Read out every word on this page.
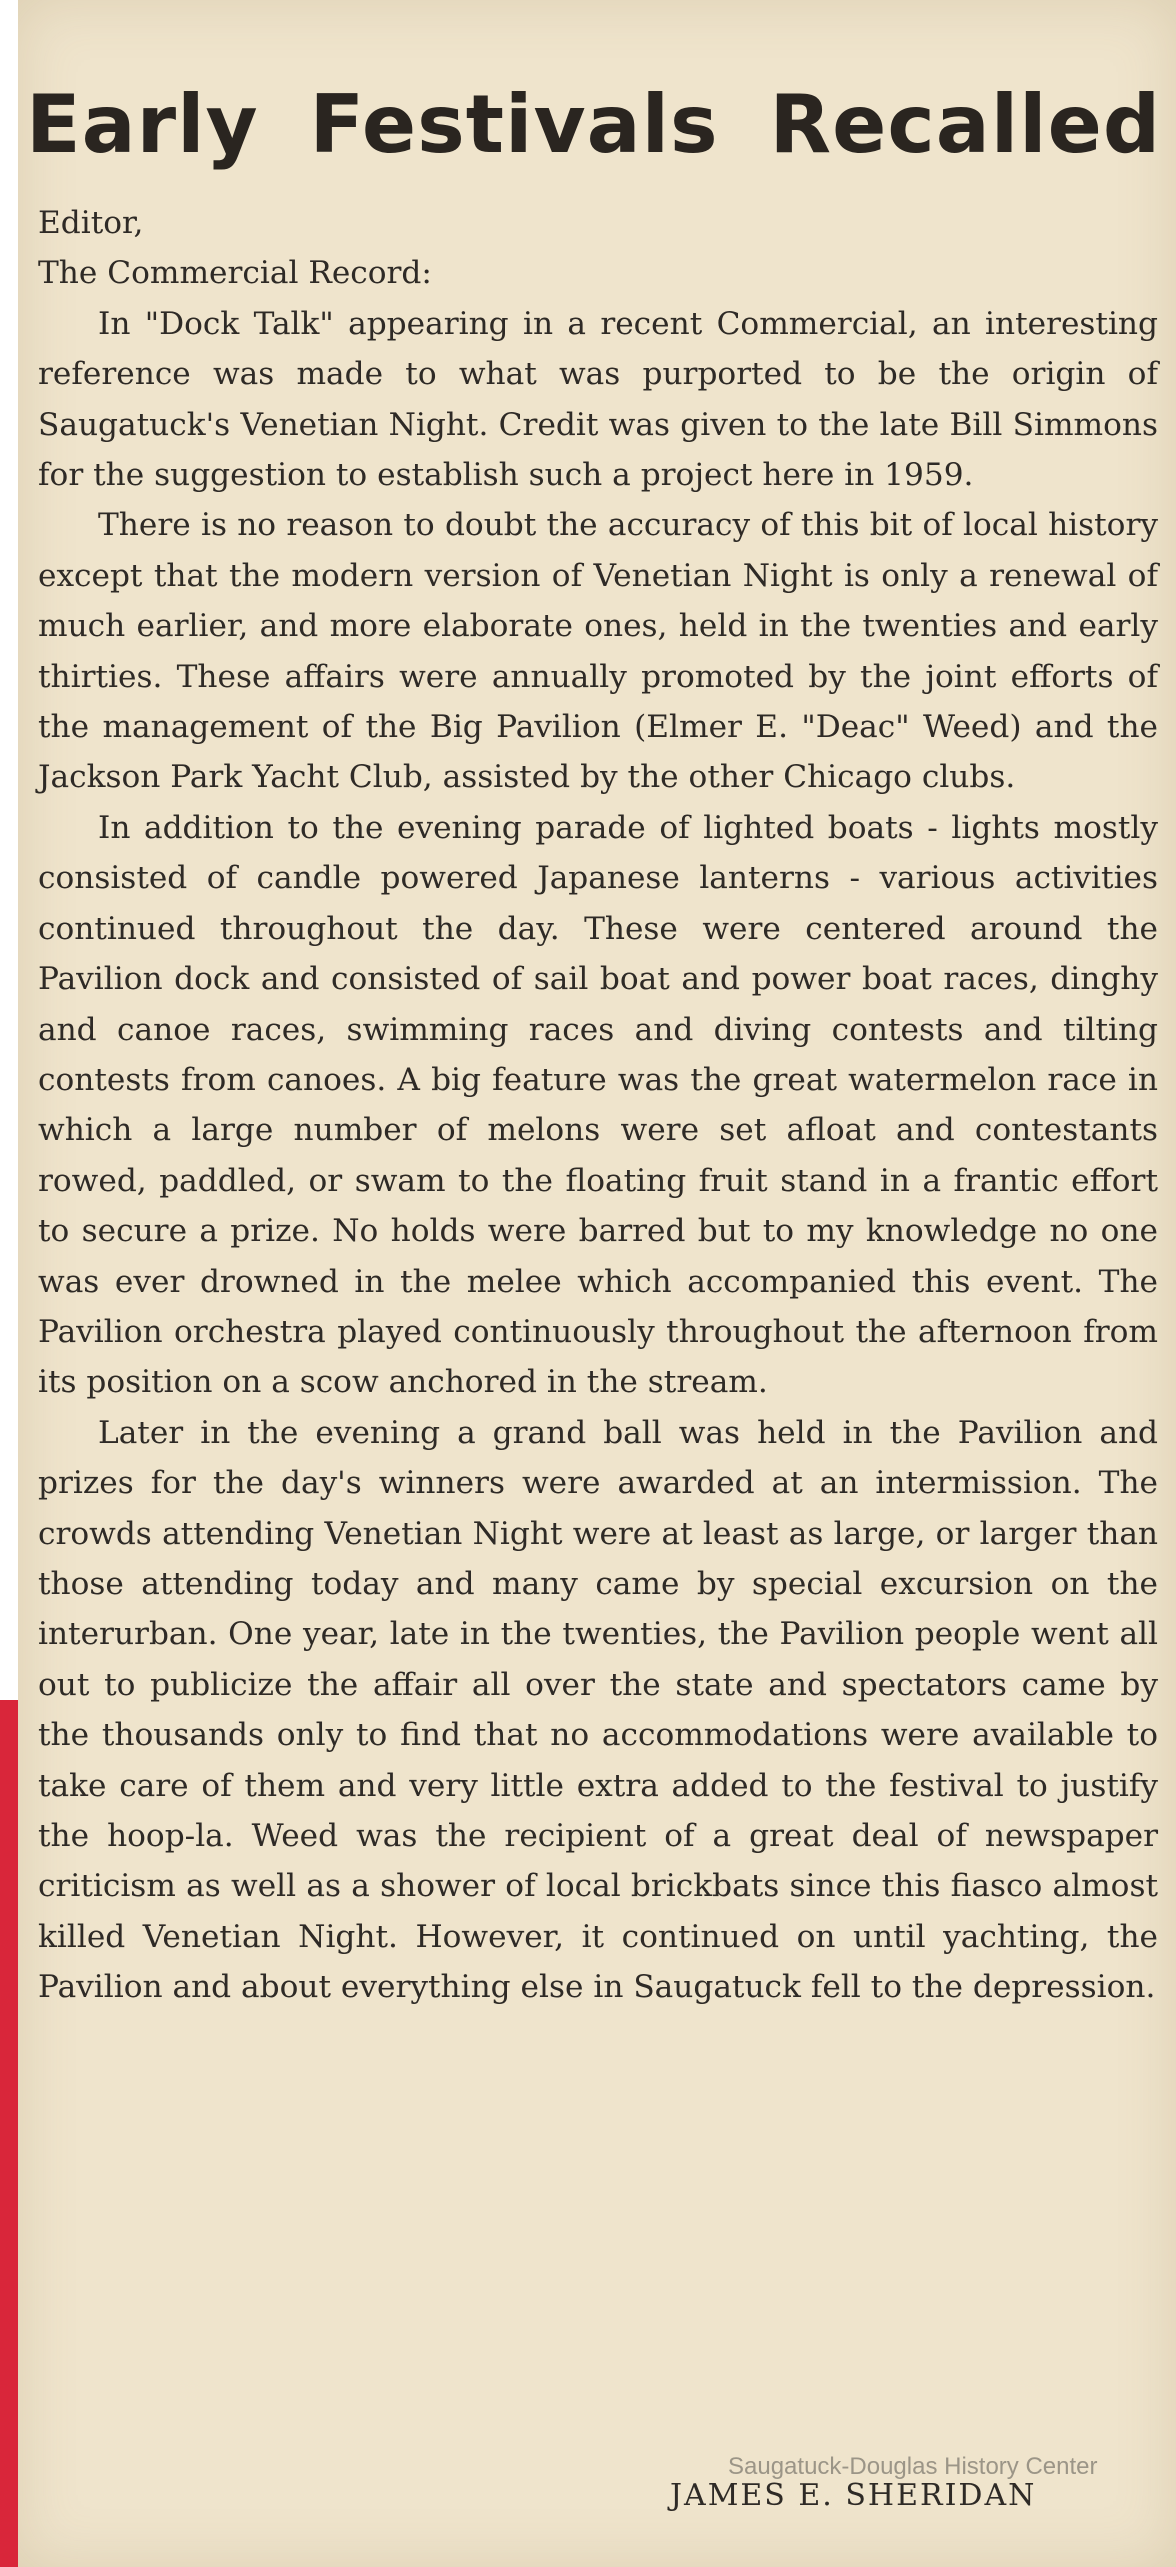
Early Festivals Recalled

Editor,

The Commercial Record:

In "Dock Talk" appearing in a recent Commercial, an interesting reference was made to what was purported to be the origin of Saugatuck's Venetian Night. Credit was given to the late Bill Simmons for the suggestion to establish such a project here in 1959.

There is no reason to doubt the accuracy of this bit of local history except that the modern version of Venetian Night is only a renewal of much earlier, and more elaborate ones, held in the twenties and early thirties. These affairs were annually promoted by the joint efforts of the management of the Big Pavilion (Elmer E. "Deac" Weed) and the Jackson Park Yacht Club, assisted by the other Chicago clubs.

In addition to the evening parade of lighted boats - lights mostly consisted of candle powered Japanese lanterns - various activities continued throughout the day. These were centered around the Pavilion dock and consisted of sail boat and power boat races, dinghy and canoe races, swimming races and diving contests and tilting contests from canoes. A big feature was the great watermelon race in which a large number of melons were set afloat and contestants rowed, paddled, or swam to the floating fruit stand in a frantic effort to secure a prize. No holds were barred but to my knowledge no one was ever drowned in the melee which accompanied this event. The Pavilion orchestra played continuously throughout the afternoon from its position on a scow anchored in the stream.

Later in the evening a grand ball was held in the Pavilion and prizes for the day's winners were awarded at an intermission. The crowds attending Venetian Night were at least as large, or larger than those attending today and many came by special excursion on the interurban. One year, late in the twenties, the Pavilion people went all out to publicize the affair all over the state and spectators came by the thousands only to find that no accommodations were available to take care of them and very little extra added to the festival to justify the hoop-la. Weed was the recipient of a great deal of newspaper criticism as well as a shower of local brickbats since this fiasco almost killed Venetian Night. However, it continued on until yachting, the Pavilion and about everything else in Saugatuck fell to the depression.

JAMES E. SHERIDAN
Saugatuck-Douglas History Center
